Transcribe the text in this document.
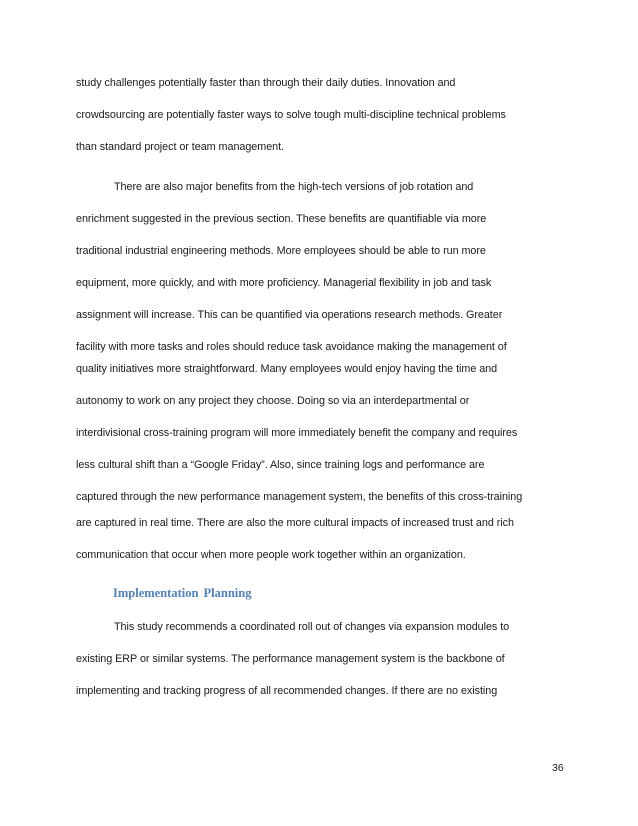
study challenges potentially faster than through their daily duties. Innovation and
crowdsourcing are potentially faster ways to solve tough multi-discipline technical problems
than standard project or team management.
There are also major benefits from the high-tech versions of job rotation and
enrichment suggested in the previous section. These benefits are quantifiable via more
traditional industrial engineering methods. More employees should be able to run more
equipment, more quickly, and with more proficiency. Managerial flexibility in job and task
assignment will increase. This can be quantified via operations research methods. Greater
facility with more tasks and roles should reduce task avoidance making the management of
quality initiatives more straightforward. Many employees would enjoy having the time and
autonomy to work on any project they choose. Doing so via an interdepartmental or
interdivisional cross-training program will more immediately benefit the company and requires
less cultural shift than a “Google Friday”. Also, since training logs and performance are
captured through the new performance management system, the benefits of this cross-training
are captured in real time. There are also the more cultural impacts of increased trust and rich
communication that occur when more people work together within an organization.
Implementation Planning
This study recommends a coordinated roll out of changes via expansion modules to
existing ERP or similar systems. The performance management system is the backbone of
implementing and tracking progress of all recommended changes. If there are no existing
36
